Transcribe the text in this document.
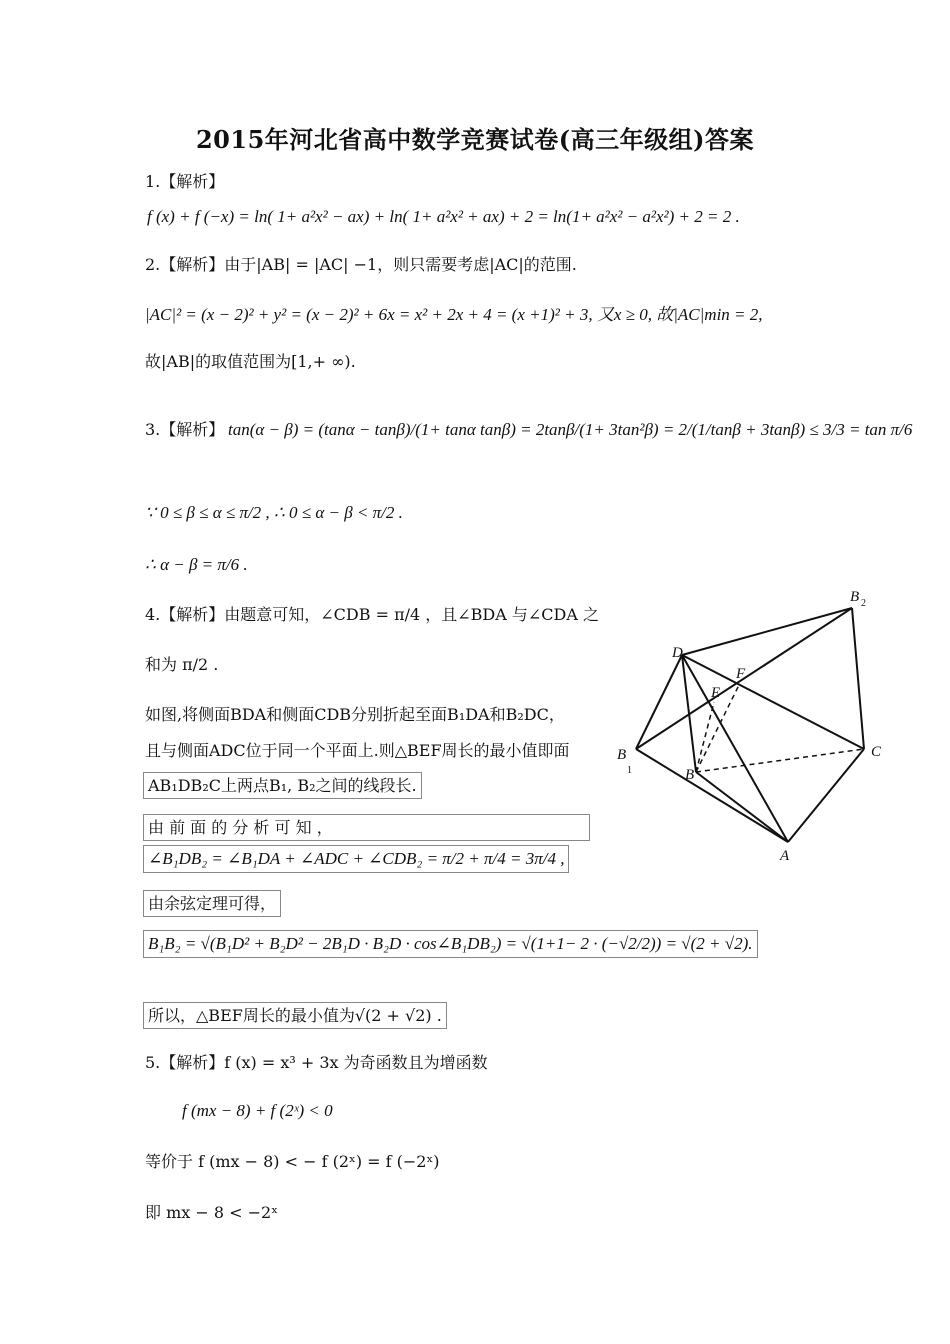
2015年河北省高中数学竞赛试卷(高三年级组)答案
1.【解析】
f (x) + f (−x) = ln( 1+ a²x² − ax) + ln( 1+ a²x² + ax) + 2 = ln(1+ a²x² − a²x²) + 2 = 2 .
2.【解析】由于|AB| = |AC| −1，则只需要考虑|AC|的范围.
|AC|² = (x − 2)² + y² = (x − 2)² + 6x = x² + 2x + 4 = (x +1)² + 3, 又x ≥ 0, 故|AC|min = 2,
故|AB|的取值范围为[1,+ ∞).
3.【解析】 tan(α − β) = (tanα − tanβ)/(1+ tanα tanβ) = 2tanβ/(1+ 3tan²β) = 2/(1/tanβ + 3tanβ) ≤ 3/3 = tan π/6
∵ 0 ≤ β ≤ α ≤ π/2 , ∴ 0 ≤ α − β < π/2 .
∴ α − β = π/6 .
4.【解析】由题意可知，∠CDB = π/4 ，且∠BDA 与∠CDA 之
和为 π/2 .
如图,将侧面BDA和侧面CDB分别折起至面B₁DA和B₂DC，
且与侧面ADC位于同一个平面上.则△BEF周长的最小值即面
AB₁DB₂C上两点B₁, B₂之间的线段长.
由 前 面 的 分 析 可 知 ，
∠B₁DB₂ = ∠B₁DA + ∠ADC + ∠CDB₂ = π/2 + π/4 = 3π/4 ,
由余弦定理可得，
B₁B₂ = √(B₁D² + B₂D² − 2B₁D · B₂D · cos∠B₁DB₂) = √(1+1− 2 · (−√2/2)) = √(2 + √2).
所以，△BEF周长的最小值为√(2 + √2) .
5.【解析】f (x) = x³ + 3x 为奇函数且为增函数
f (mx − 8) + f (2ˣ) < 0
等价于 f (mx − 8) < − f (2ˣ) = f (−2ˣ)
即 mx − 8 < −2ˣ
B 2
D
F
E
B
1	B
C
A
